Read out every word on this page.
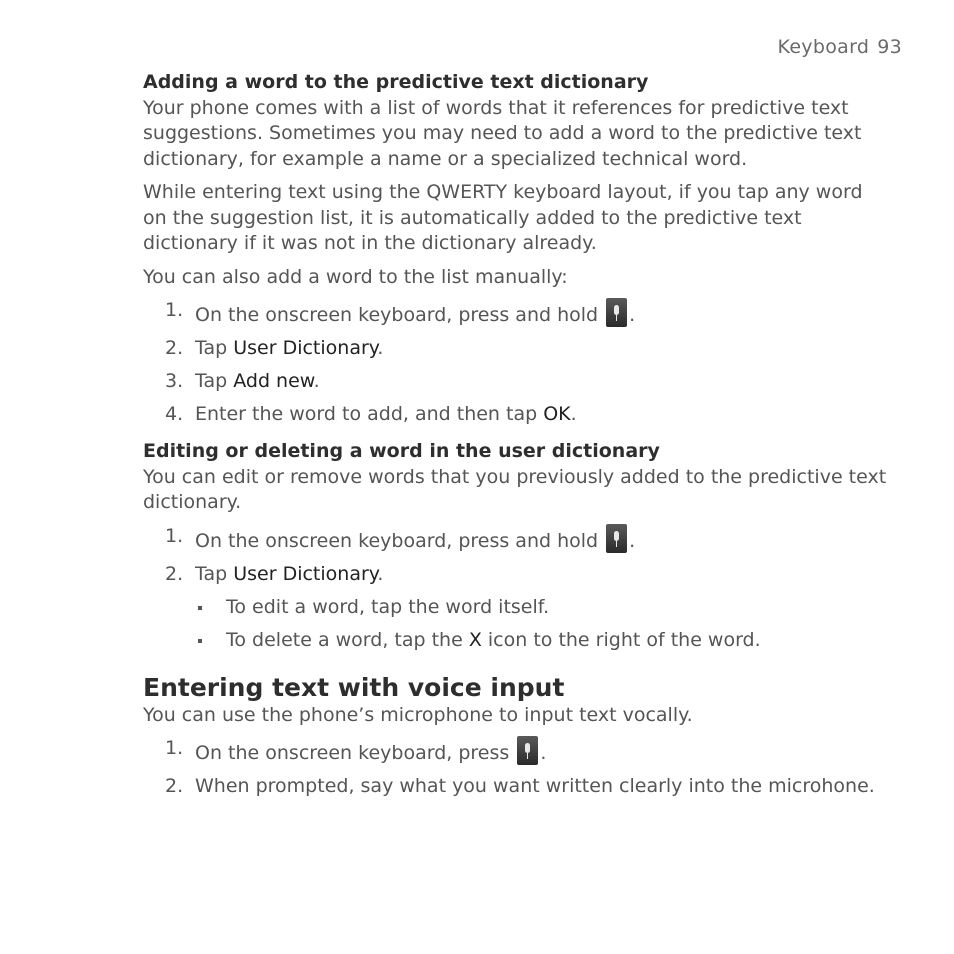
Keyboard 93
Adding a word to the predictive text dictionary

Your phone comes with a list of words that it references for predictive text suggestions. Sometimes you may need to add a word to the predictive text dictionary, for example a name or a specialized technical word.

While entering text using the QWERTY keyboard layout, if you tap any word on the suggestion list, it is automatically added to the predictive text dictionary if it was not in the dictionary already.

You can also add a word to the list manually:

1. On the onscreen keyboard, press and hold .
2. Tap User Dictionary.
3. Tap Add new.
4. Enter the word to add, and then tap OK.
Editing or deleting a word in the user dictionary

You can edit or remove words that you previously added to the predictive text dictionary.

1. On the onscreen keyboard, press and hold .
2. Tap User Dictionary.
To edit a word, tap the word itself.
To delete a word, tap the X icon to the right of the word.
Entering text with voice input

You can use the phone’s microphone to input text vocally.

1. On the onscreen keyboard, press .
2. When prompted, say what you want written clearly into the microhone.
